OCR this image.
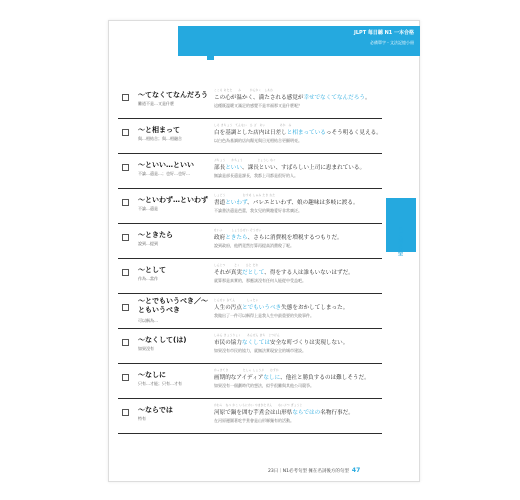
JLPT 每日聽 N1 一本合格
必備單字・文法記憶小冊
〜てなくてなんだろう
難道不是…又是什麼
こころ あたた　　み　　　かんかく　しあわ
この心が温かく、満たされる感覚が幸せでなくてなんだろう。
這種既溫暖又滿足的感覺不是幸福那又是什麼呢？
〜と相まって
與…相結合；與…相融合
しろ きちょう　てんない　ひ ざ　あい　　　　　あか　み
白を基調とした店内は日差しと相まっているっそう明るく見える。
以白色為基調的店內陽光與日光相結合更顯明亮。
〜といい…といい
不論…還是…；也好…也好…
ぶちょう　　かちょう　　　　　じょうし めぐ
部長といい、課長といい、すばらしい上司に恵まれている。
無論是部長還是課長，我都上司都是很好的人。
〜といわず…といわず
不論…還是
しょどう　　　　　　むすめ しゅみ たき わた
書道といわず、バレエといわず、娘の趣味は多岐に渡る。
不論書法還是芭蕾，我女兒的興趣愛好非常廣泛。
〜ときたら
說到…提到
せいふ　　　しょうひぜい ぞうぜい
政府ときたら、さらに消費税を増税するつもりだ。
說到政府，他們竟然打算再提高消費稅了呢。
〜として
作為…當作
しんじつ　　　とく　　ひと だれ
それが真実だとして、得をする人は誰もいないはずだ。
就算那是真實的，那應該沒有任何人能從中受益吧。
〜とでもいうべき／〜ともいうべき
可以稱為…
じんせい おてん　　　　しったい
人生の汚点とでもいうべき失態をおかしてしまった。
我做出了一件可以稱得上是我人生中最重要的失敗事件。
〜なくして(は)
如果沒有
しみん きょうりょく　　あんぜん まち　じつげん
市民の協力なくしては安全な町づくりは実現しない。
如果沒有市民的協力，就無法實現安全的城市建設。
〜なしに
只有…才能；只有…才有
かっきてき　　　　　たしゃ しょうぶ　　むずか
画期的なアイディアなしに、他社と勝負するのは難しそうだ。
如果沒有一個劃時代的想法，似乎很難與其他公司競爭。
〜ならでは
特有
かわら　なべ かこ いもにかい やまがたけん　　めいぶつ ぎょうじ
河原で鍋を囲む芋煮会は山形県ならではの名物行事だ。
在河原邊圍著吃芋煮會是山形縣獨有的活動。
N1 必考句型
23日｜N1必考句型 擁在名詞後方的句型 47
